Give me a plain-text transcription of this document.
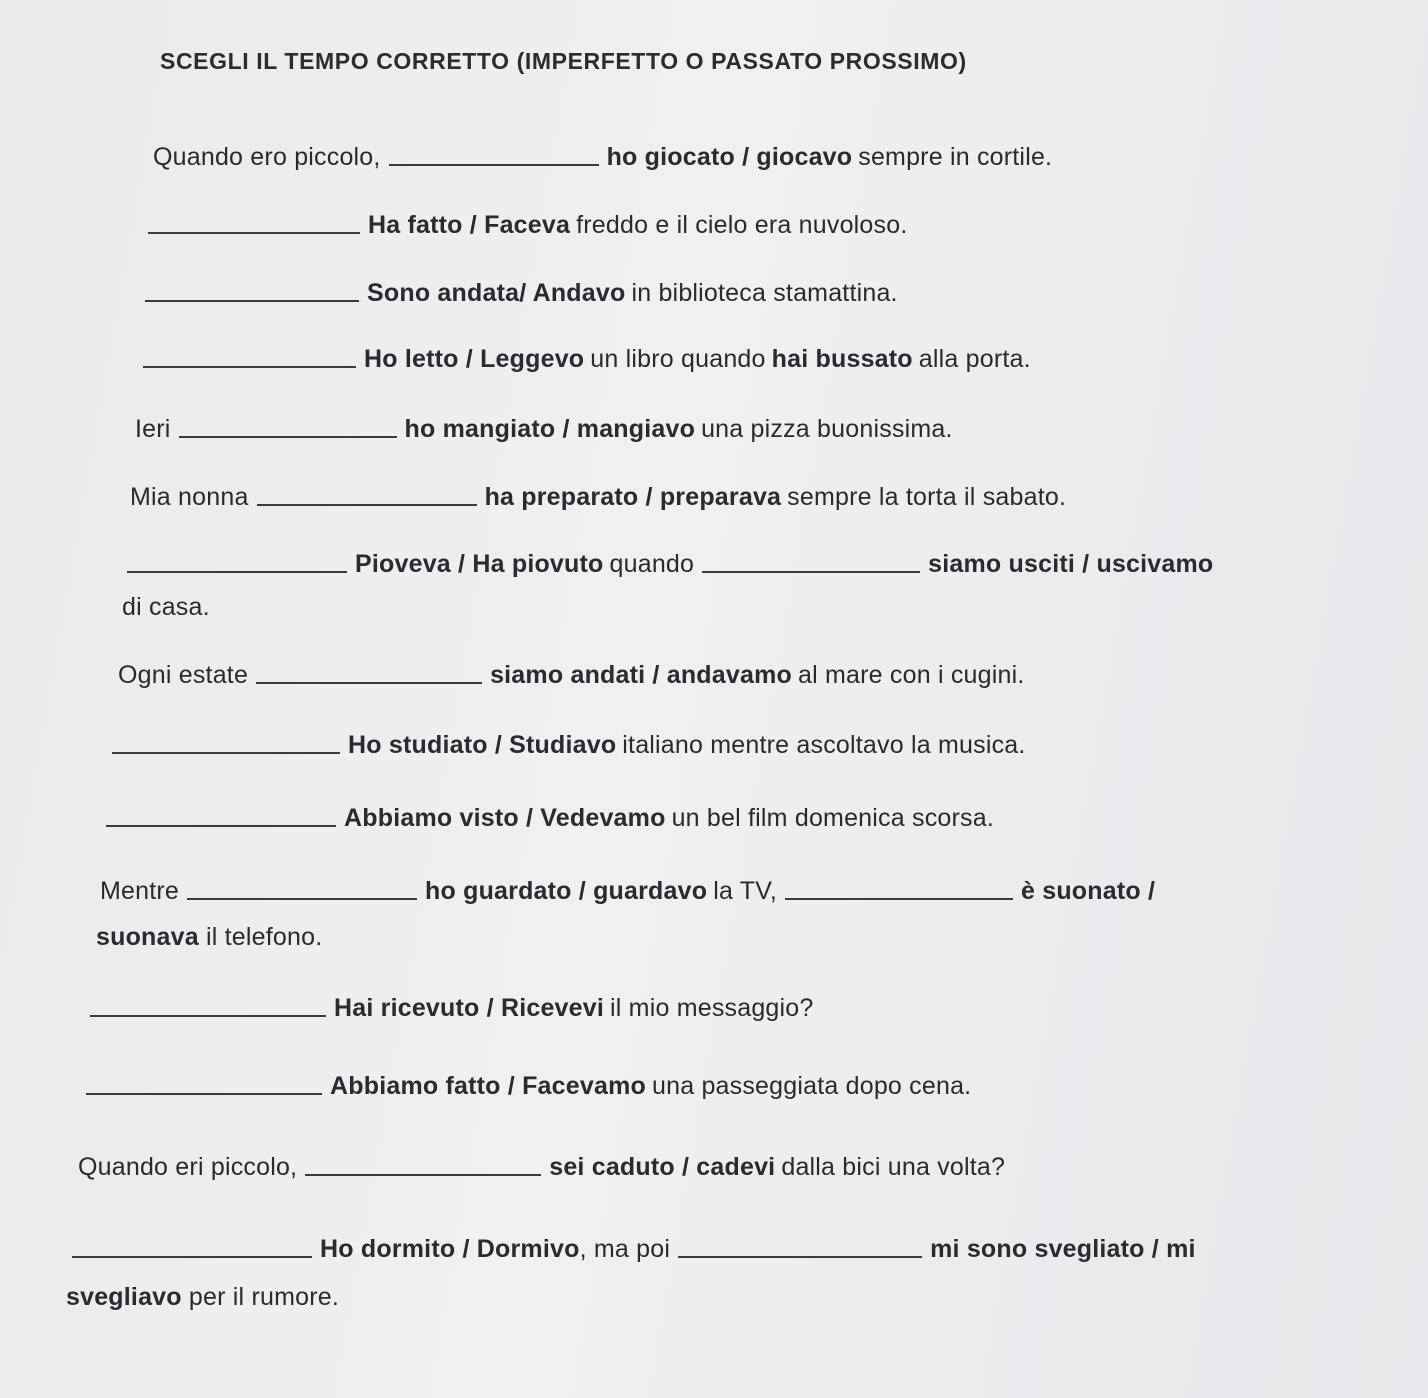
SCEGLI IL TEMPO CORRETTO (IMPERFETTO O PASSATO PROSSIMO)
Quando ero piccolo,	ho giocato / giocavo sempre in cortile.
Ha fatto / Faceva freddo e il cielo era nuvoloso.
Sono andata/ Andavo in biblioteca stamattina.
Ho letto / Leggevo un libro quando hai bussato alla porta.
Ieri	ho mangiato / mangiavo una pizza buonissima.
Mia nonna	ha preparato / preparava sempre la torta il sabato.
Pioveva / Ha piovuto quando	siamo usciti / uscivamo
di casa.
Ogni estate	siamo andati / andavamo al mare con i cugini.
Ho studiato / Studiavo italiano mentre ascoltavo la musica.
Abbiamo visto / Vedevamo un bel film domenica scorsa.
Mentre	ho guardato / guardavo la TV,	è suonato /
suonava il telefono.
Hai ricevuto / Ricevevi il mio messaggio?
Abbiamo fatto / Facevamo una passeggiata dopo cena.
Quando eri piccolo,	sei caduto / cadevi dalla bici una volta?
Ho dormito / Dormivo , ma poi	mi sono svegliato / mi
svegliavo per il rumore.
